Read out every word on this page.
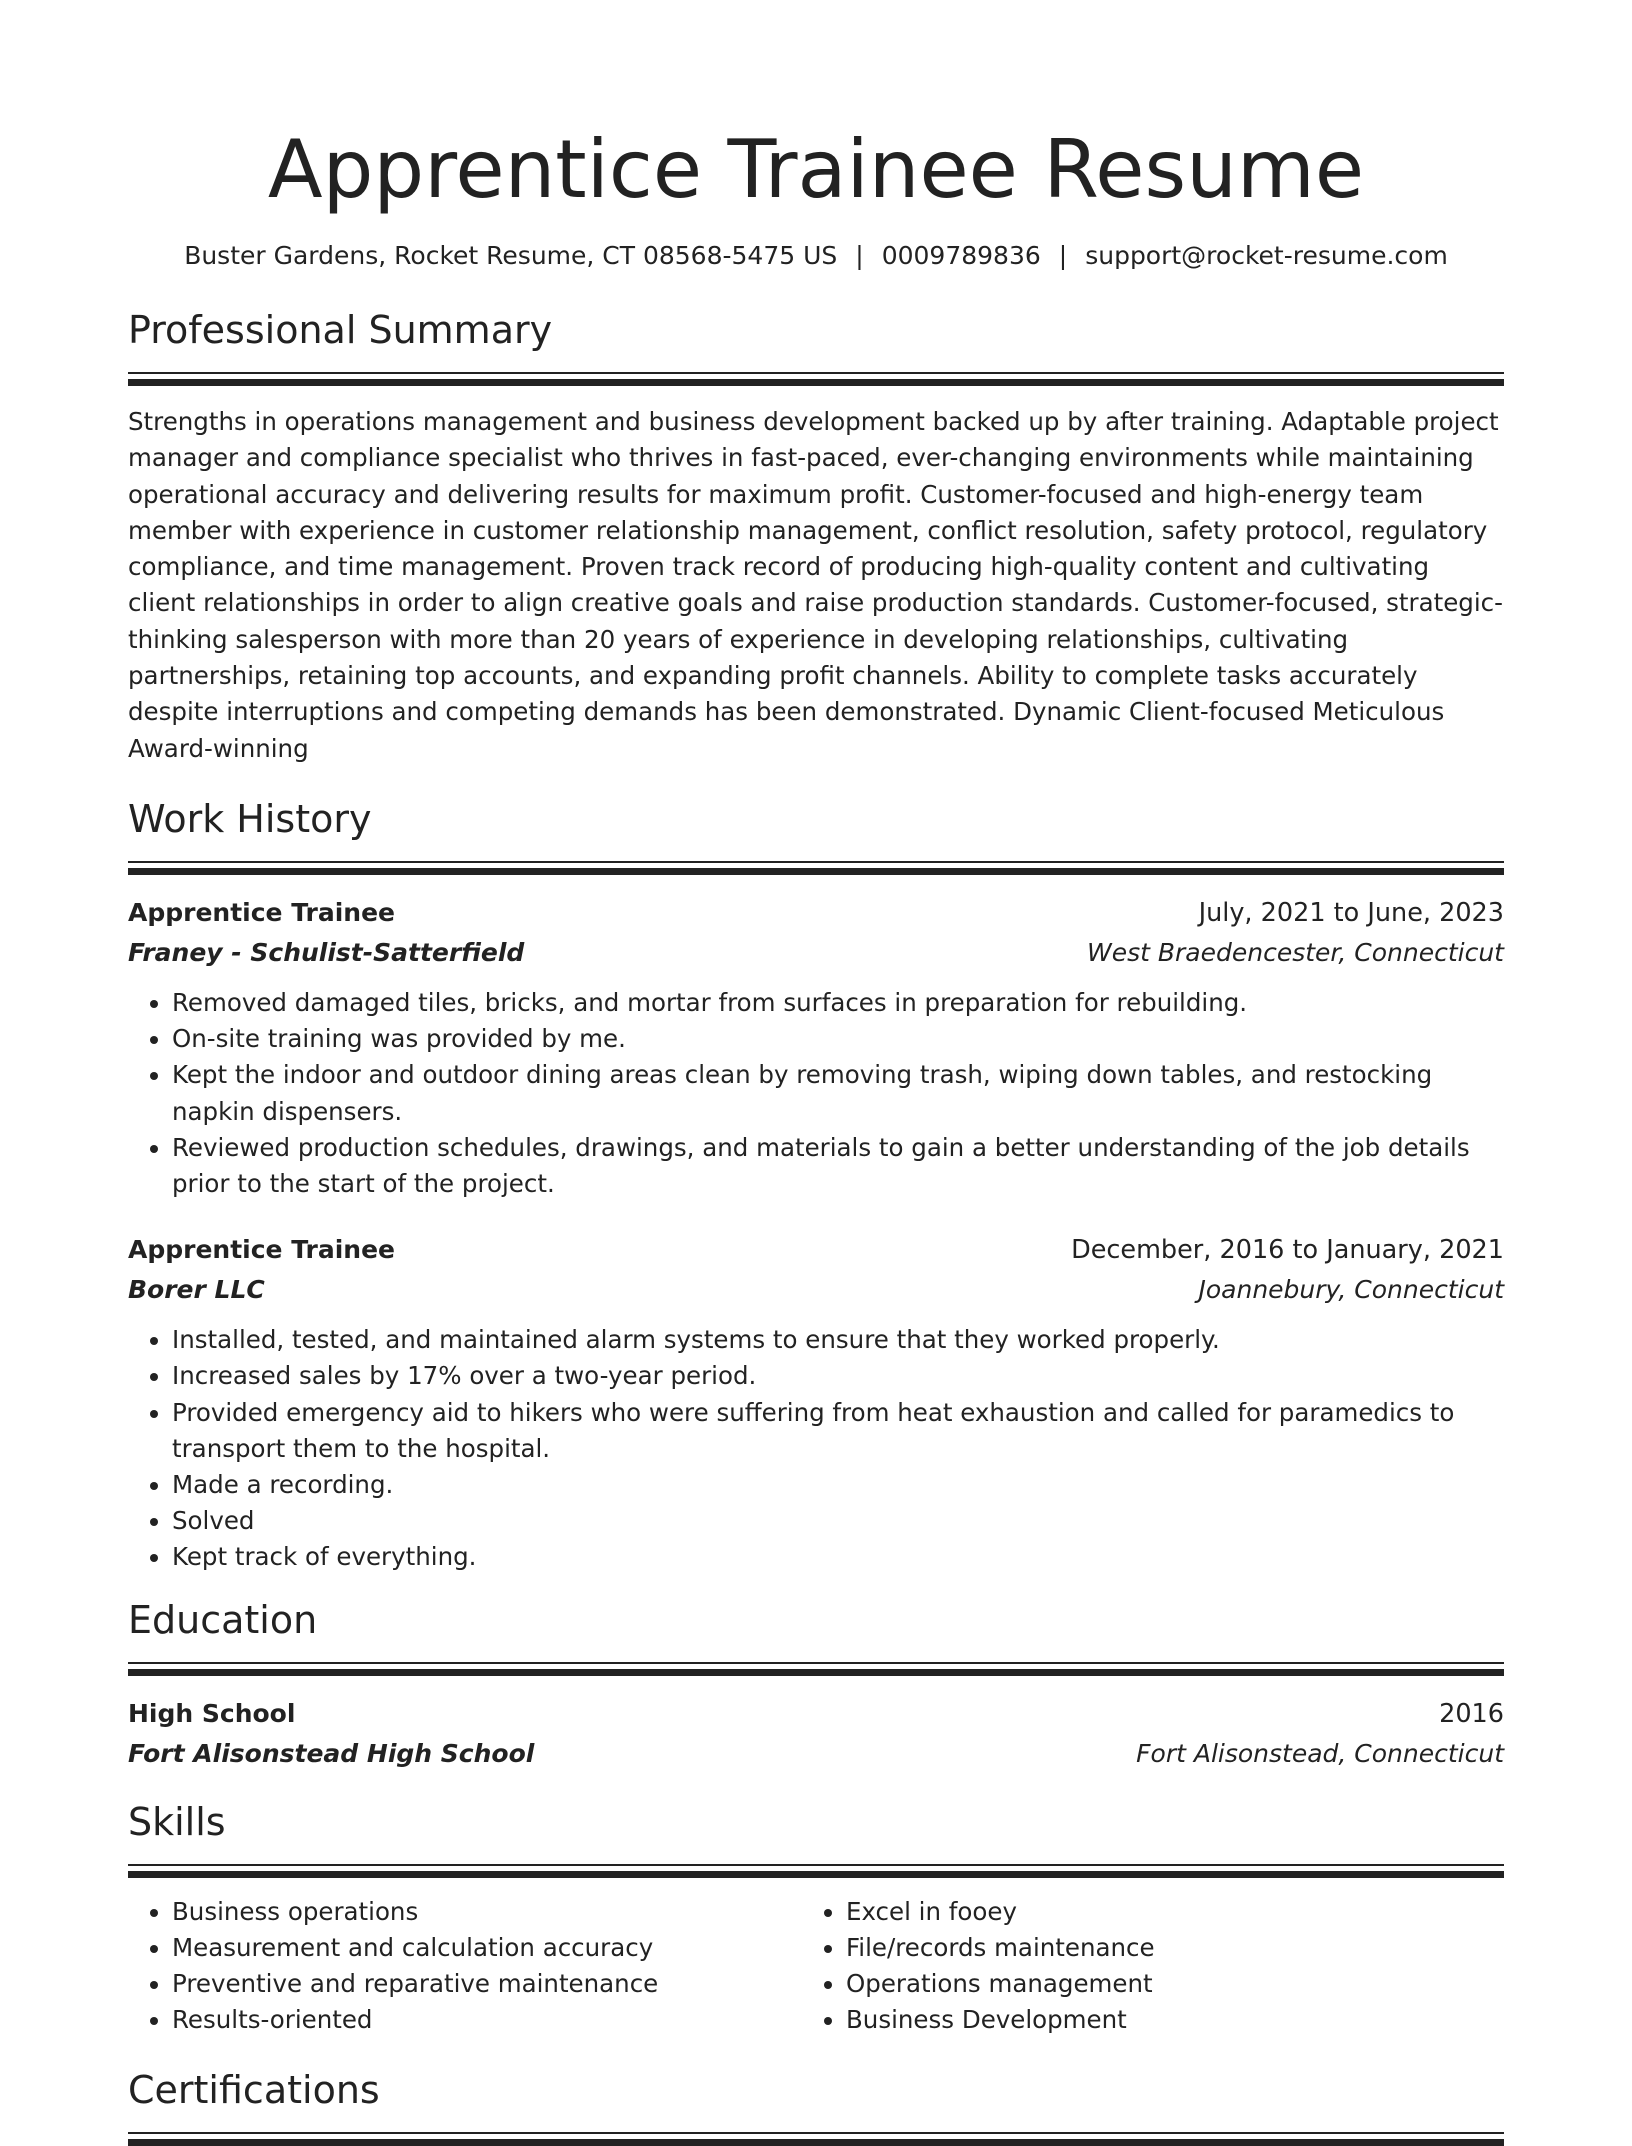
Apprentice Trainee Resume
Buster Gardens, Rocket Resume, CT 08568-5475 US | 0009789836 | support@rocket-resume.com
Professional Summary
Strengths in operations management and business development backed up by after training. Adaptable project manager and compliance specialist who thrives in fast-paced, ever-changing environments while maintaining operational accuracy and delivering results for maximum profit. Customer-focused and high-energy team member with experience in customer relationship management, conflict resolution, safety protocol, regulatory compliance, and time management. Proven track record of producing high-quality content and cultivating client relationships in order to align creative goals and raise production standards. Customer-focused, strategic-thinking salesperson with more than 20 years of experience in developing relationships, cultivating partnerships, retaining top accounts, and expanding profit channels. Ability to complete tasks accurately despite interruptions and competing demands has been demonstrated. Dynamic Client-focused Meticulous Award-winning
Work History
Apprentice Trainee	July, 2021 to June, 2023
Franey - Schulist-Satterfield	West Braedencester, Connecticut
• Removed damaged tiles, bricks, and mortar from surfaces in preparation for rebuilding.
• On-site training was provided by me.
• Kept the indoor and outdoor dining areas clean by removing trash, wiping down tables, and restocking napkin dispensers.
• Reviewed production schedules, drawings, and materials to gain a better understanding of the job details prior to the start of the project.
Apprentice Trainee	December, 2016 to January, 2021
Borer LLC	Joannebury, Connecticut
• Installed, tested, and maintained alarm systems to ensure that they worked properly.
• Increased sales by 17% over a two-year period.
• Provided emergency aid to hikers who were suffering from heat exhaustion and called for paramedics to transport them to the hospital.
• Made a recording.
• Solved
• Kept track of everything.
Education
High School	2016
Fort Alisonstead High School	Fort Alisonstead, Connecticut
Skills
• Business operations
• Measurement and calculation accuracy
• Preventive and reparative maintenance
• Results-oriented
• Excel in fooey
• File/records maintenance
• Operations management
• Business Development
Certifications
